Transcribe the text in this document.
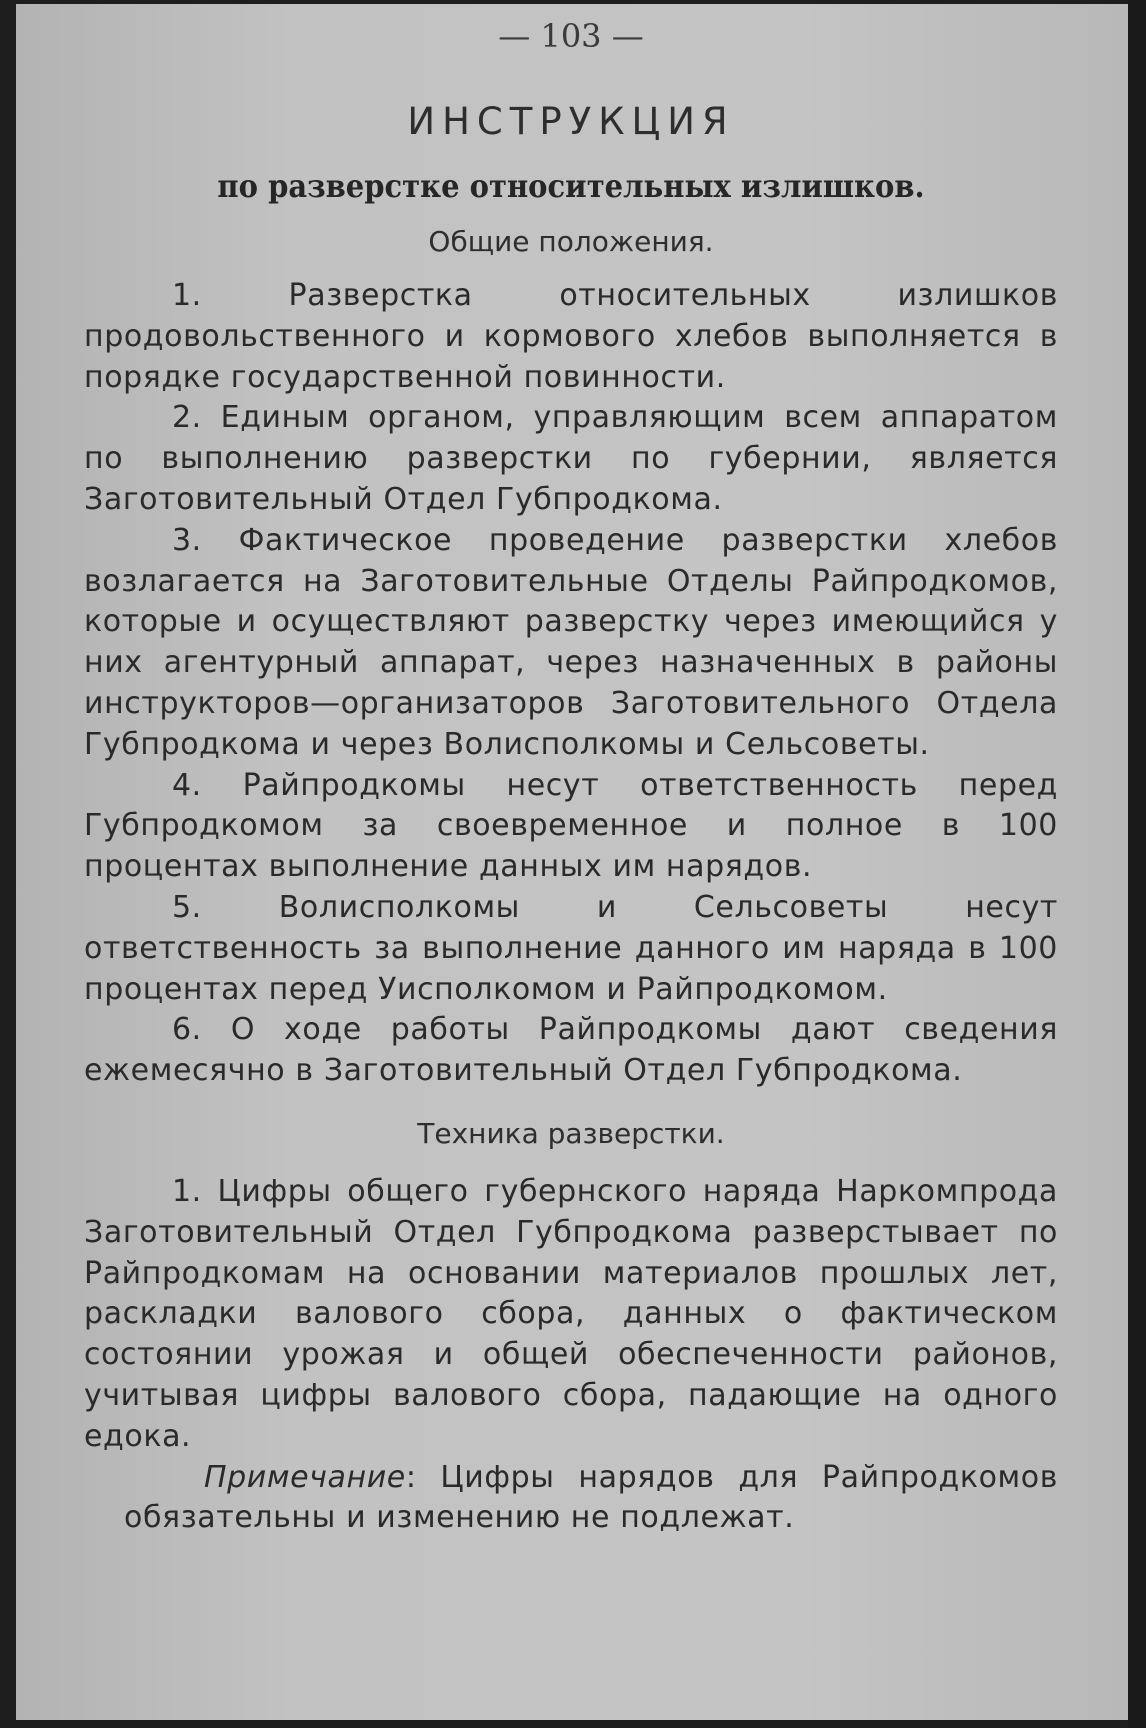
— 103 —
ИНСТРУКЦИЯ
по разверстке относительных излишков.
Общие положения.

1. Разверстка относительных излишков продовольственного и кормового хлебов выполняется в порядке государственной повинности.

2. Единым органом, управляющим всем аппаратом по выполнению разверстки по губернии, является Заготовительный Отдел Губпродкома.

3. Фактическое проведение разверстки хлебов возлагается на Заготовительные Отделы Райпродкомов, которые и осуществляют разверстку через имеющийся у них агентурный аппарат, через назначенных в районы инструкторов—организаторов Заготовительного Отдела Губпродкома и через Волисполкомы и Сельсоветы.

4. Райпродкомы несут ответственность перед Губпродкомом за своевременное и полное в 100 процентах выполнение данных им нарядов.

5. Волисполкомы и Сельсоветы несут ответственность за выполнение данного им наряда в 100 процентах перед Уисполкомом и Райпродкомом.

6. О ходе работы Райпродкомы дают сведения ежемесячно в Заготовительный Отдел Губпродкома.

Техника разверстки.

1. Цифры общего губернского наряда Наркомпрода Заготовительный Отдел Губпродкома разверстывает по Райпродкомам на основании материалов прошлых лет, раскладки валового сбора, данных о фактическом состоянии урожая и общей обеспеченности районов, учитывая цифры валового сбора, падающие на одного едока.

Примечание: Цифры нарядов для Райпродкомов обязательны и изменению не подлежат.
